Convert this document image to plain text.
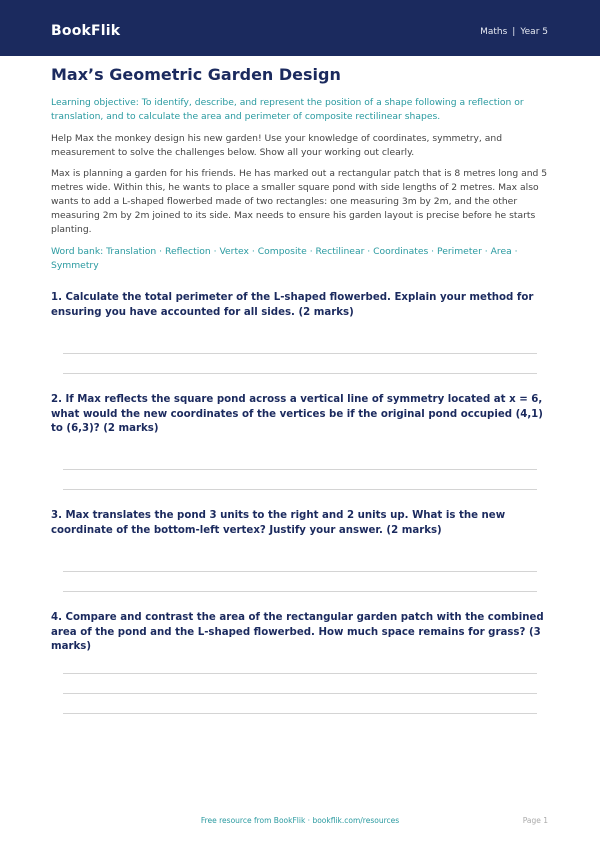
BookFlik	Maths | Year 5
Max’s Geometric Garden Design
Learning objective: To identify, describe, and represent the position of a shape following a reflection or translation, and to calculate the area and perimeter of composite rectilinear shapes.
Help Max the monkey design his new garden! Use your knowledge of coordinates, symmetry, and measurement to solve the challenges below. Show all your working out clearly.
Max is planning a garden for his friends. He has marked out a rectangular patch that is 8 metres long and 5 metres wide. Within this, he wants to place a smaller square pond with side lengths of 2 metres. Max also wants to add a L-shaped flowerbed made of two rectangles: one measuring 3m by 2m, and the other measuring 2m by 2m joined to its side. Max needs to ensure his garden layout is precise before he starts planting.
Word bank: Translation · Reflection · Vertex · Composite · Rectilinear · Coordinates · Perimeter · Area · Symmetry
1. Calculate the total perimeter of the L-shaped flowerbed. Explain your method for ensuring you have accounted for all sides. (2 marks)
2. If Max reflects the square pond across a vertical line of symmetry located at x = 6, what would the new coordinates of the vertices be if the original pond occupied (4,1) to (6,3)? (2 marks)
3. Max translates the pond 3 units to the right and 2 units up. What is the new coordinate of the bottom-left vertex? Justify your answer. (2 marks)
4. Compare and contrast the area of the rectangular garden patch with the combined area of the pond and the L-shaped flowerbed. How much space remains for grass? (3 marks)
Free resource from BookFlik · bookflik.com/resources	Page 1
